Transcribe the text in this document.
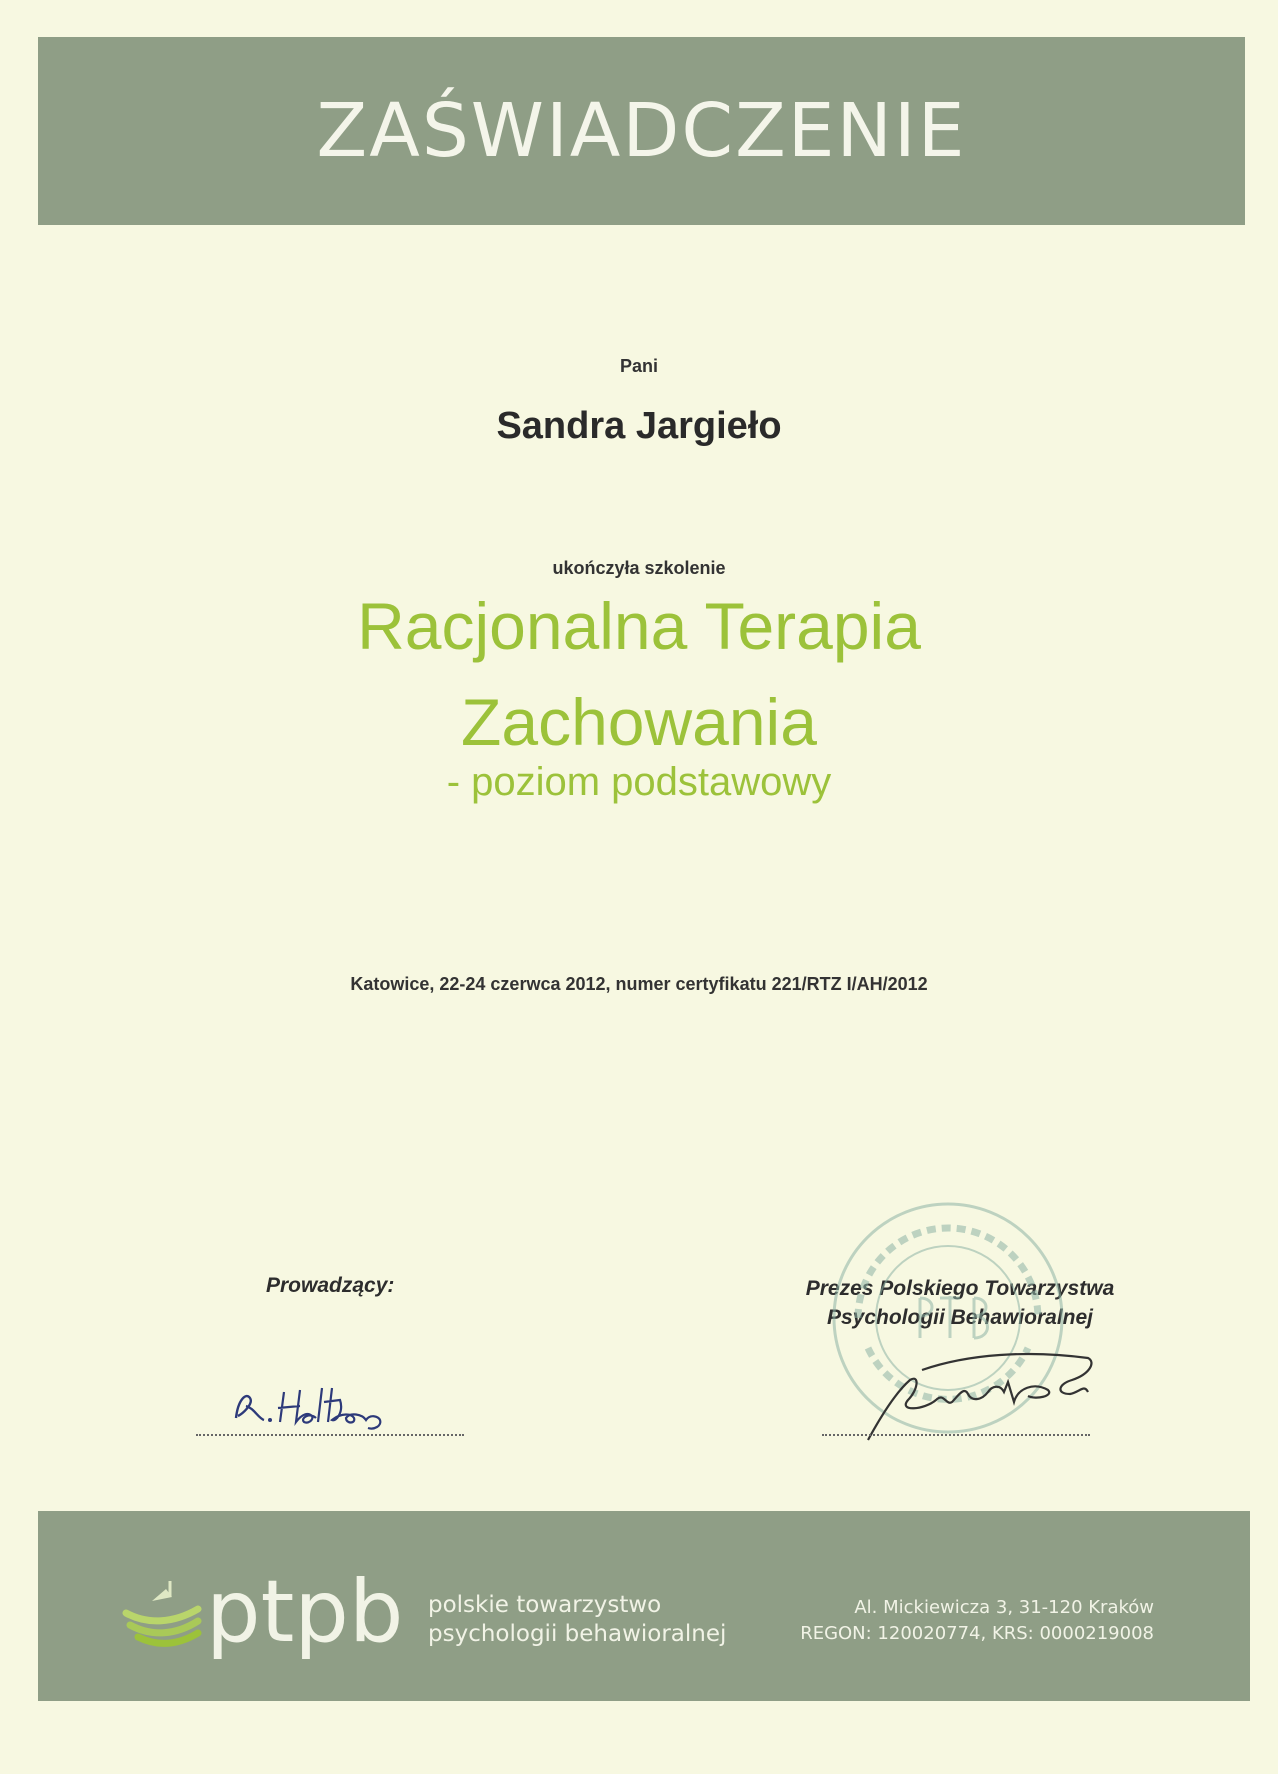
ZAŚWIADCZENIE
Pani
Sandra Jargieło
ukończyła szkolenie
Racjonalna Terapia
Zachowania
- poziom podstawowy
Katowice, 22-24 czerwca 2012, numer certyfikatu 221/RTZ I/AH/2012
Prowadzący:	Prezes Polskiego Towarzystwa
Psychologii Behawioralnej
ptpb polskie towarzystwo
psychologii behawioralnej
Al. Mickiewicza 3, 31-120 Kraków
REGON: 120020774, KRS: 0000219008
